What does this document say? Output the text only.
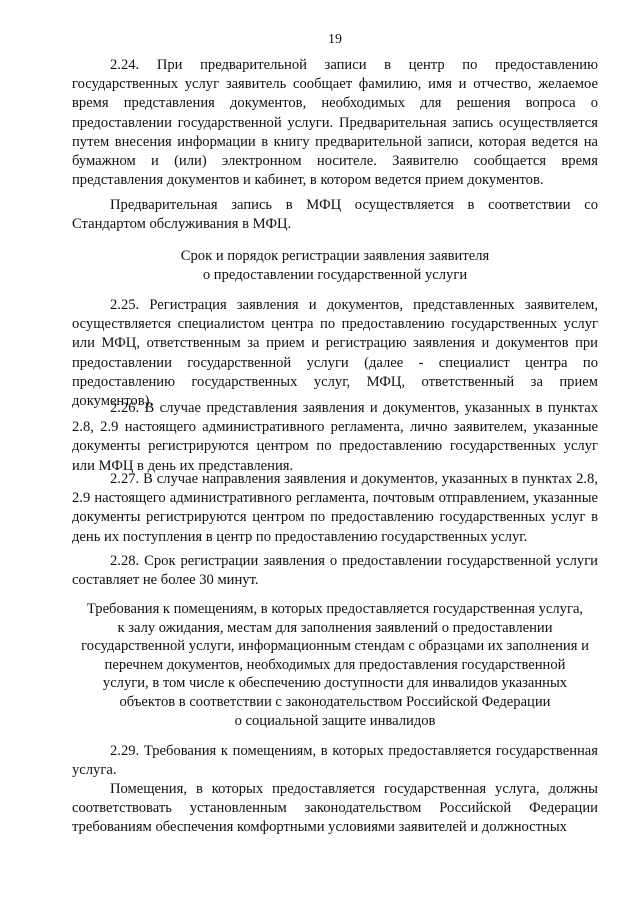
19

2.24. При предварительной записи в центр по предоставлению государственных услуг заявитель сообщает фамилию, имя и отчество, желаемое время представления документов, необходимых для решения вопроса о предоставлении государственной услуги. Предварительная запись осуществляется путем внесения информации в книгу предварительной записи, которая ведется на бумажном и (или) электронном носителе. Заявителю сообщается время представления документов и кабинет, в котором ведется прием документов.

Предварительная запись в МФЦ осуществляется в соответствии со Стандартом обслуживания в МФЦ.

Срок и порядок регистрации заявления заявителя
о предоставлении государственной услуги

2.25. Регистрация заявления и документов, представленных заявителем, осуществляется специалистом центра по предоставлению государственных услуг или МФЦ, ответственным за прием и регистрацию заявления и документов при предоставлении государственной услуги (далее - специалист центра по предоставлению государственных услуг, МФЦ, ответственный за прием документов).

2.26. В случае представления заявления и документов, указанных в пунктах 2.8, 2.9 настоящего административного регламента, лично заявителем, указанные документы регистрируются центром по предоставлению государственных услуг или МФЦ в день их представления.

2.27. В случае направления заявления и документов, указанных в пунктах 2.8, 2.9 настоящего административного регламента, почтовым отправлением, указанные документы регистрируются центром по предоставлению государственных услуг в день их поступления в центр по предоставлению государственных услуг.

2.28. Срок регистрации заявления о предоставлении государственной услуги составляет не более 30 минут.

Требования к помещениям, в которых предоставляется государственная услуга,
к залу ожидания, местам для заполнения заявлений о предоставлении
государственной услуги, информационным стендам с образцами их заполнения и
перечнем документов, необходимых для предоставления государственной
услуги, в том числе к обеспечению доступности для инвалидов указанных
объектов в соответствии с законодательством Российской Федерации
о социальной защите инвалидов

2.29. Требования к помещениям, в которых предоставляется государственная услуга.

Помещения, в которых предоставляется государственная услуга, должны соответствовать установленным законодательством Российской Федерации требованиям обеспечения комфортными условиями заявителей и должностных
